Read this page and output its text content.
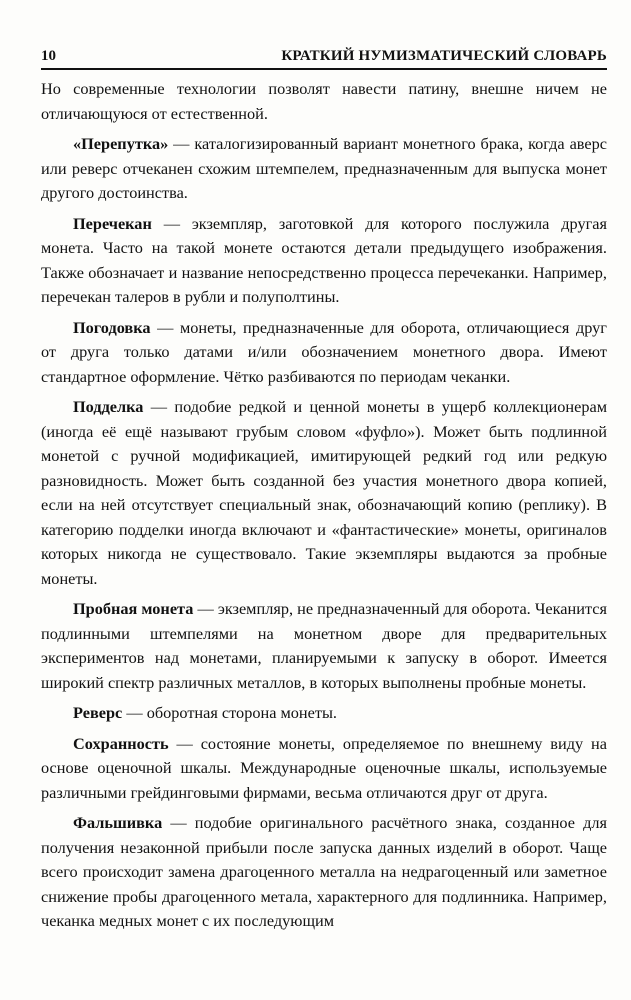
10	КРАТКИЙ НУМИЗМАТИЧЕСКИЙ СЛОВАРЬ

Но современные технологии позволят навести патину, внешне ничем не отличающуюся от естественной.

«Перепутка» — каталогизированный вариант монетного брака, когда аверс или реверс отчеканен схожим штемпелем, предназначенным для выпуска монет другого достоинства.

Перечекан — экземпляр, заготовкой для которого послужила другая монета. Часто на такой монете остаются детали предыдущего изображения. Также обозначает и название непосредственно процесса перечеканки. Например, перечекан талеров в рубли и полуполтины.

Погодовка — монеты, предназначенные для оборота, отличающиеся друг от друга только датами и/или обозначением монетного двора. Имеют стандартное оформление. Чётко разбиваются по периодам чеканки.

Подделка — подобие редкой и ценной монеты в ущерб коллекционерам (иногда её ещё называют грубым словом «фуфло»). Может быть подлинной монетой с ручной модификацией, имитирующей редкий год или редкую разновидность. Может быть созданной без участия монетного двора копией, если на ней отсутствует специальный знак, обозначающий копию (реплику). В категорию подделки иногда включают и «фантастические» монеты, оригиналов которых никогда не существовало. Такие экземпляры выдаются за пробные монеты.

Пробная монета — экземпляр, не предназначенный для оборота. Чеканится подлинными штемпелями на монетном дворе для предварительных экспериментов над монетами, планируемыми к запуску в оборот. Имеется широкий спектр различных металлов, в которых выполнены пробные монеты.

Реверс — оборотная сторона монеты.

Сохранность — состояние монеты, определяемое по внешнему виду на основе оценочной шкалы. Международные оценочные шкалы, используемые различными грейдинговыми фирмами, весьма отличаются друг от друга.

Фальшивка — подобие оригинального расчётного знака, созданное для получения незаконной прибыли после запуска данных изделий в оборот. Чаще всего происходит замена драгоценного металла на недрагоценный или заметное снижение пробы драгоценного метала, характерного для подлинника. Например, чеканка медных монет с их последующим
